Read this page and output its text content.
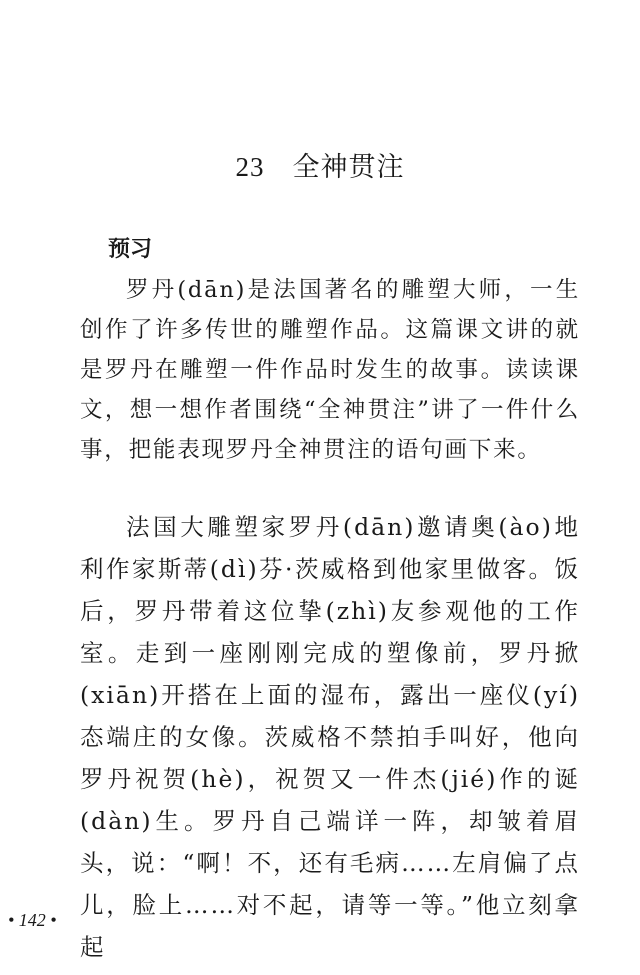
23 全神贯注
预习

罗丹(dān)是法国著名的雕塑大师，一生创作了许多传世的雕塑作品。这篇课文讲的就是罗丹在雕塑一件作品时发生的故事。读读课文，想一想作者围绕“全神贯注”讲了一件什么事，把能表现罗丹全神贯注的语句画下来。

法国大雕塑家罗丹(dān)邀请奥(ào)地利作家斯蒂(dì)芬·茨威格到他家里做客。饭后，罗丹带着这位挚(zhì)友参观他的工作室。走到一座刚刚完成的塑像前，罗丹掀(xiān)开搭在上面的湿布，露出一座仪(yí)态端庄的女像。茨威格不禁拍手叫好，他向罗丹祝贺(hè)，祝贺又一件杰(jié)作的诞(dàn)生。罗丹自己端详一阵，却皱着眉头，说：“啊！不，还有毛病……左肩偏了点儿，脸上……对不起，请等一等。”他立刻拿起

• 142 •
